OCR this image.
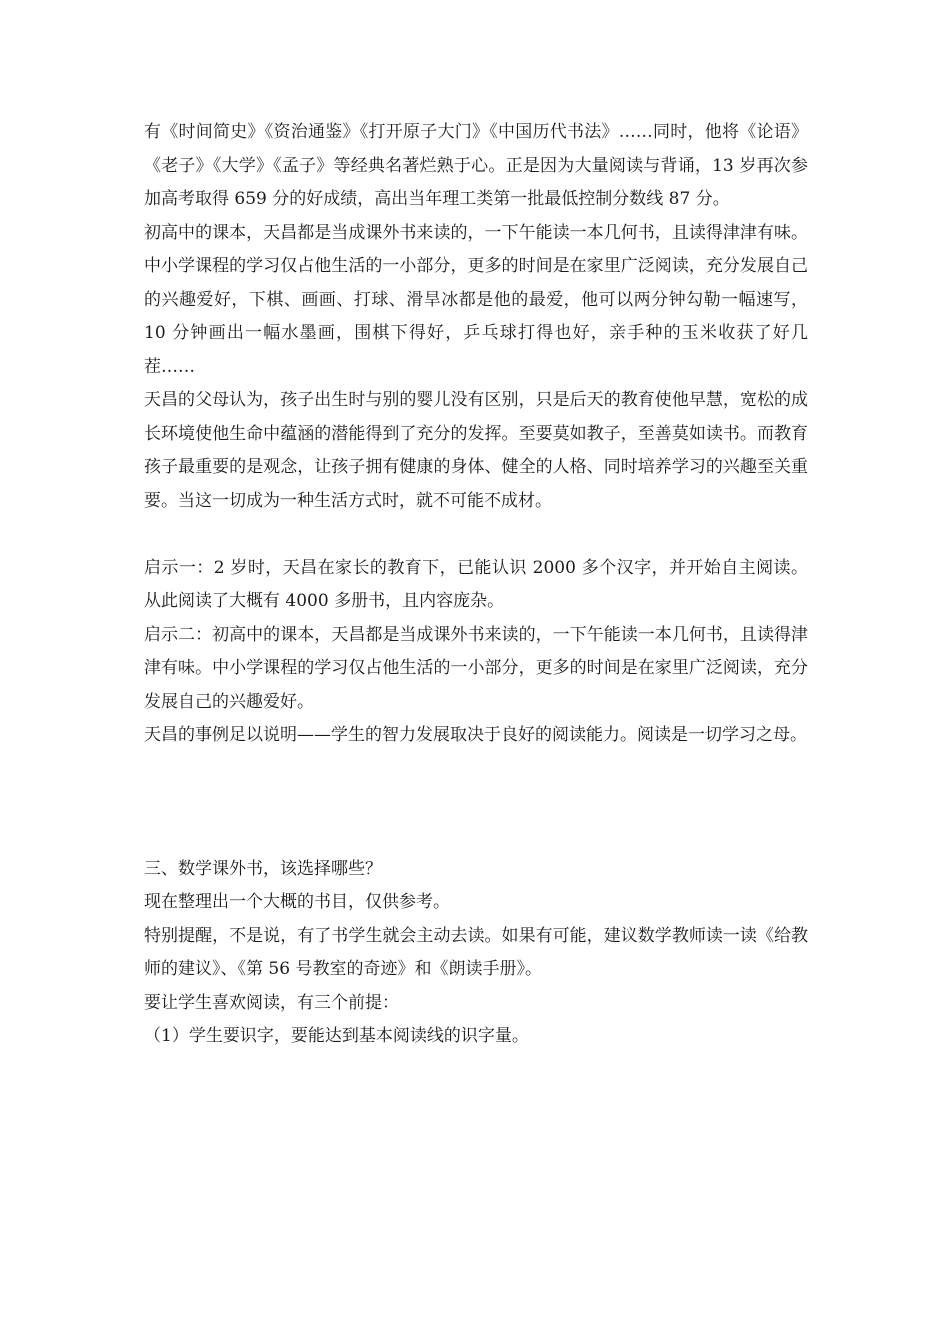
有《时间简史》《资治通鉴》《打开原子大门》《中国历代书法》……同时，他将《论语》《老子》《大学》《孟子》等经典名著烂熟于心。正是因为大量阅读与背诵，13 岁再次参加高考取得 659 分的好成绩，高出当年理工类第一批最低控制分数线 87 分。

初高中的课本，天昌都是当成课外书来读的，一下午能读一本几何书，且读得津津有味。中小学课程的学习仅占他生活的一小部分，更多的时间是在家里广泛阅读，充分发展自己的兴趣爱好，下棋、画画、打球、滑旱冰都是他的最爱，他可以两分钟勾勒一幅速写，10 分钟画出一幅水墨画，围棋下得好，乒乓球打得也好，亲手种的玉米收获了好几茬……

天昌的父母认为，孩子出生时与别的婴儿没有区别，只是后天的教育使他早慧，宽松的成长环境使他生命中蕴涵的潜能得到了充分的发挥。至要莫如教子，至善莫如读书。而教育孩子最重要的是观念，让孩子拥有健康的身体、健全的人格、同时培养学习的兴趣至关重要。当这一切成为一种生活方式时，就不可能不成材。

启示一：2 岁时，天昌在家长的教育下，已能认识 2000 多个汉字，并开始自主阅读。从此阅读了大概有 4000 多册书，且内容庞杂。

启示二：初高中的课本，天昌都是当成课外书来读的，一下午能读一本几何书，且读得津津有味。中小学课程的学习仅占他生活的一小部分，更多的时间是在家里广泛阅读，充分发展自己的兴趣爱好。

天昌的事例足以说明——学生的智力发展取决于良好的阅读能力。阅读是一切学习之母。

三、数学课外书，该选择哪些？

现在整理出一个大概的书目，仅供参考。

特别提醒，不是说，有了书学生就会主动去读。如果有可能，建议数学教师读一读《给教师的建议》、《第 56 号教室的奇迹》和《朗读手册》。

要让学生喜欢阅读，有三个前提：

（1）学生要识字，要能达到基本阅读线的识字量。
